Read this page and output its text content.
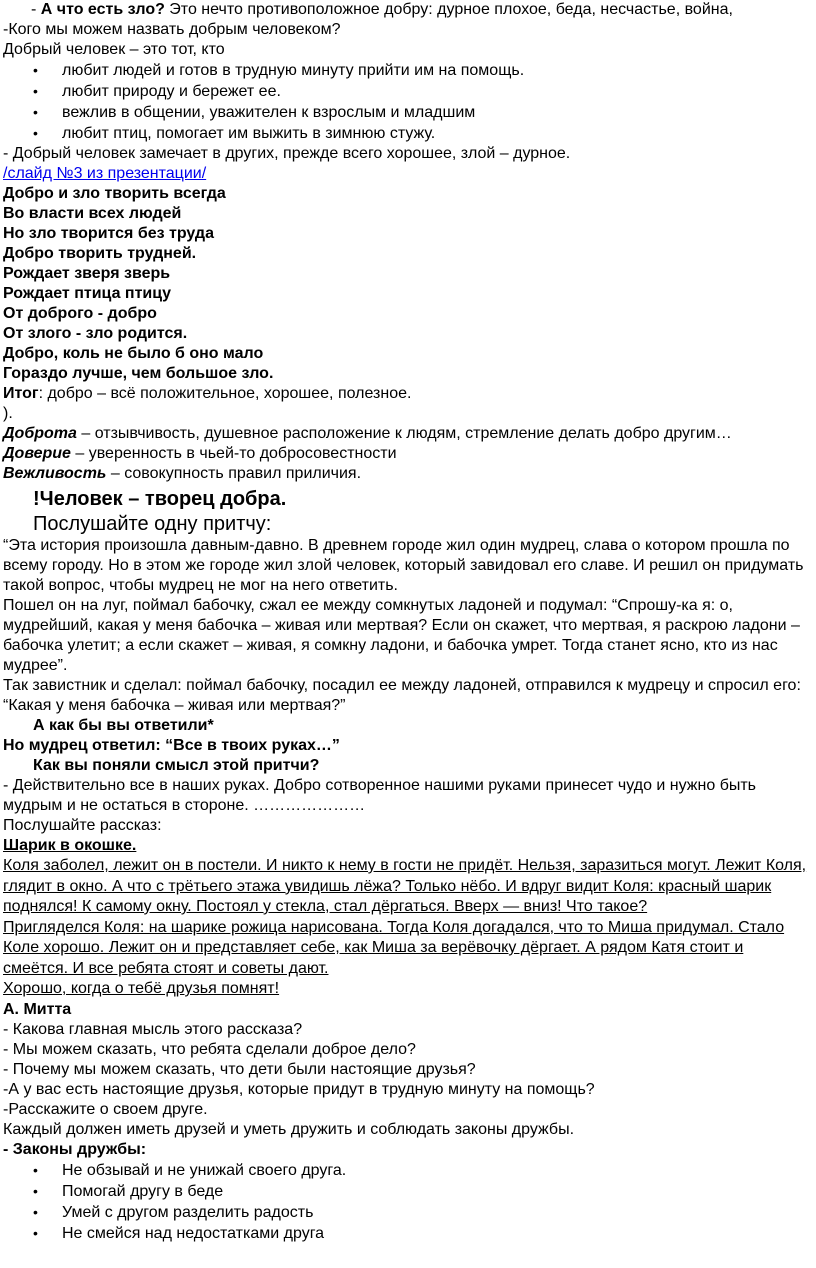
- А что есть зло? Это нечто противоположное добру: дурное плохое, беда, несчастье, война,

-Кого мы можем назвать добрым человеком?

Добрый человек – это тот, кто

• любит людей и готов в трудную минуту прийти им на помощь.
• любит природу и бережет ее.
• вежлив в общении, уважителен к взрослым и младшим
• любит птиц, помогает им выжить в зимнюю стужу.

- Добрый человек замечает в других, прежде всего хорошее, злой – дурное.

/слайд №3 из презентации/

Добро и зло творить всегда

Во власти всех людей

Но зло творится без труда

Добро творить трудней.

Рождает зверя зверь

Рождает птица птицу

От доброго - добро

От злого - зло родится.

Добро, коль не было б оно мало

Гораздо лучше, чем большое зло.

Итог: добро – всё положительное, хорошее, полезное.

).

Доброта – отзывчивость, душевное расположение к людям, стремление делать добро другим…

Доверие – уверенность в чьей-то добросовестности

Вежливость – совокупность правил приличия.

!Человек – творец добра.

Послушайте одну притчу:

“Эта история произошла давным-давно. В древнем городе жил один мудрец, слава о котором прошла по всему городу. Но в этом же городе жил злой человек, который завидовал его славе. И решил он придумать такой вопрос, чтобы мудрец не мог на него ответить.

Пошел он на луг, поймал бабочку, сжал ее между сомкнутых ладоней и подумал: “Спрошу-ка я: о, мудрейший, какая у меня бабочка – живая или мертвая? Если он скажет, что мертвая, я раскрою ладони – бабочка улетит; а если скажет – живая, я сомкну ладони, и бабочка умрет. Тогда станет ясно, кто из нас мудрее”.

Так завистник и сделал: поймал бабочку, посадил ее между ладоней, отправился к мудрецу и спросил его: “Какая у меня бабочка – живая или мертвая?”

А как бы вы ответили*

Но мудрец ответил: “Все в твоих руках…”

Как вы поняли смысл этой притчи?

- Действительно все в наших руках. Добро сотворенное нашими руками принесет чудо и нужно быть мудрым и не остаться в стороне. …………………

Послушайте рассказ:

Шарик в окошке.

Коля заболел, лежит он в постели. И никто к нему в гости не придёт. Нельзя, заразиться могут. Лежит Коля, глядит в окно. А что с трётьего этажа увидишь лёжа? Только нёбо. И вдруг видит Коля: красный шарик поднялся! К самому окну. Постоял у стекла, стал дёргаться. Вверх — вниз! Что такое?

Пригляделся Коля: на шарике рожица нарисована. Тогда Коля догадался, что то Миша придумал. Стало Коле хорошо. Лежит он и представляет себе, как Миша за верёвочку дёргает. А рядом Катя стоит и смеётся. И все ребята стоят и советы дают.

Хорошо, когда о тебё друзья помнят!

А. Митта

- Какова главная мысль этого рассказа?

- Мы можем сказать, что ребята сделали доброе дело?

- Почему мы можем сказать, что дети были настоящие друзья?

-А у вас есть настоящие друзья, которые придут в трудную минуту на помощь?

-Расскажите о своем друге.

Каждый должен иметь друзей и уметь дружить и соблюдать законы дружбы.

- Законы дружбы:

• Не обзывай и не унижай своего друга.
• Помогай другу в беде
• Умей с другом разделить радость
• Не смейся над недостатками друга
